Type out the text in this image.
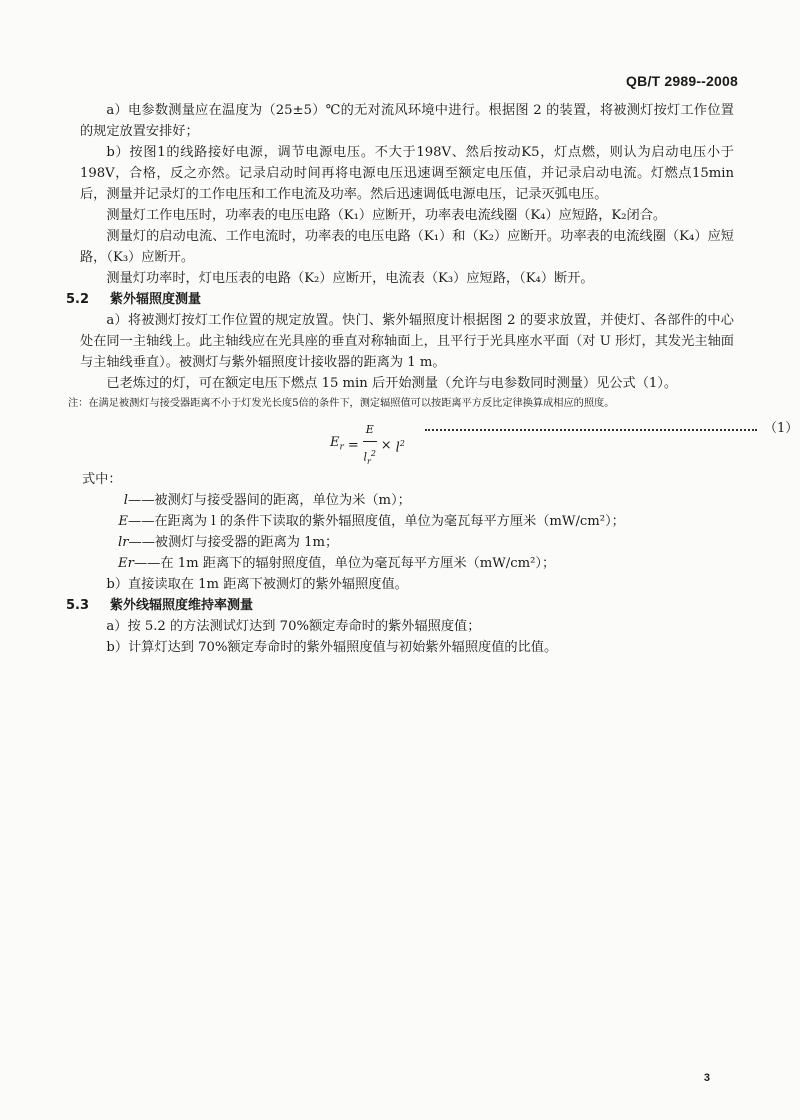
QB/T 2989--2008

a）电参数测量应在温度为（25±5）℃的无对流风环境中进行。根据图 2 的装置，将被测灯按灯工作位置的规定放置安排好；

b）按图1的线路接好电源，调节电源电压。不大于198V、然后按动K5，灯点燃，则认为启动电压小于198V，合格，反之亦然。记录启动时间再将电源电压迅速调至额定电压值，并记录启动电流。灯燃点15min后，测量并记录灯的工作电压和工作电流及功率。然后迅速调低电源电压，记录灭弧电压。

测量灯工作电压时，功率表的电压电路（K₁）应断开，功率表电流线圈（K₄）应短路，K₂闭合。

测量灯的启动电流、工作电流时，功率表的电压电路（K₁）和（K₂）应断开。功率表的电流线圈（K₄）应短路，（K₃）应断开。

测量灯功率时，灯电压表的电路（K₂）应断开，电流表（K₃）应短路，（K₄）断开。

5.2 紫外辐照度测量

a）将被测灯按灯工作位置的规定放置。快门、紫外辐照度计根据图 2 的要求放置，并使灯、各部件的中心处在同一主轴线上。此主轴线应在光具座的垂直对称轴面上，且平行于光具座水平面（对 U 形灯，其发光主轴面与主轴线垂直）。被测灯与紫外辐照度计接收器的距离为 1 m。

已老炼过的灯，可在额定电压下燃点 15 min 后开始测量（允许与电参数同时测量）见公式（1）。

注：在满足被测灯与接受器距离不小于灯发光长度5倍的条件下，测定辐照值可以按距离平方反比定律换算成相应的照度。

$E_r = \frac{E}{l_r^2} \times l^2$
（1）

式中：

l——被测灯与接受器间的距离，单位为米（m）；

E——在距离为 l 的条件下读取的紫外辐照度值，单位为毫瓦每平方厘米（mW/cm²）；

lr——被测灯与接受器的距离为 1m；

Er——在 1m 距离下的辐射照度值，单位为毫瓦每平方厘米（mW/cm²）；

b）直接读取在 1m 距离下被测灯的紫外辐照度值。

5.3 紫外线辐照度维持率测量

a）按 5.2 的方法测试灯达到 70%额定寿命时的紫外辐照度值；

b）计算灯达到 70%额定寿命时的紫外辐照度值与初始紫外辐照度值的比值。

3
